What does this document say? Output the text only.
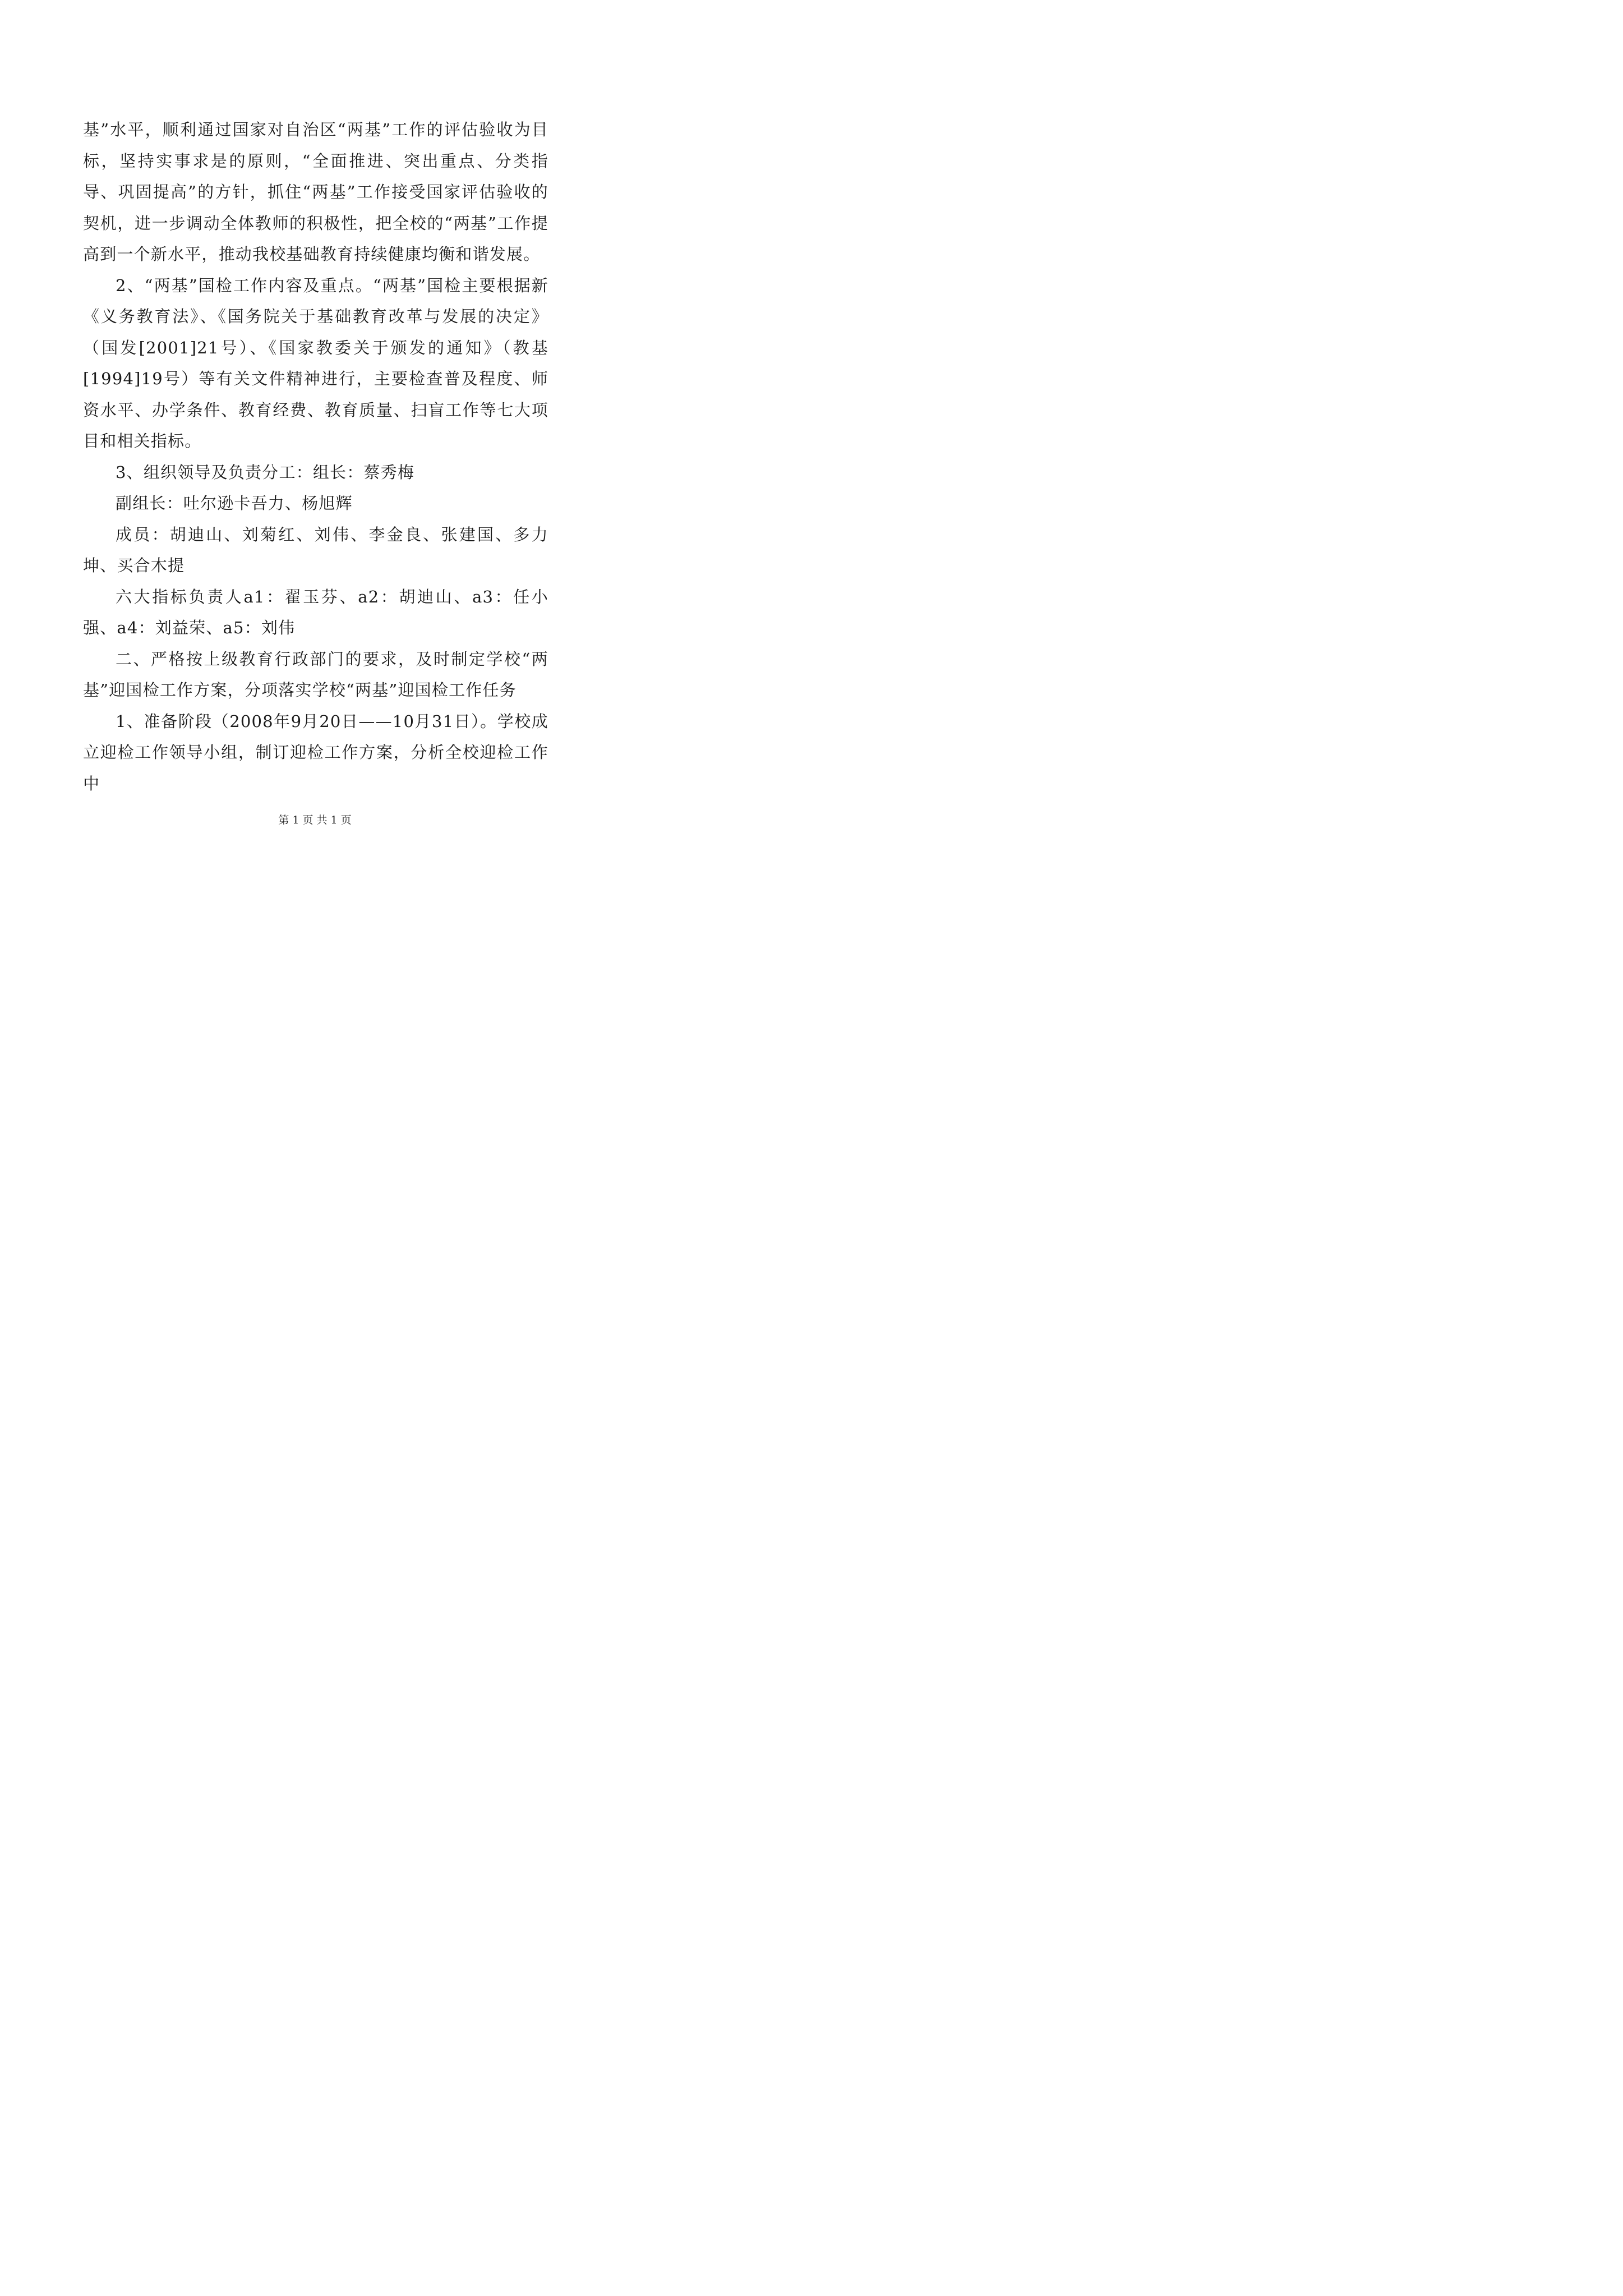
基”水平，顺利通过国家对自治区“两基”工作的评估验收为目标，坚持实事求是的原则，“全面推进、突出重点、分类指导、巩固提高”的方针，抓住“两基”工作接受国家评估验收的契机，进一步调动全体教师的积极性，把全校的“两基”工作提高到一个新水平，推动我校基础教育持续健康均衡和谐发展。

2、“两基”国检工作内容及重点。“两基”国检主要根据新《义务教育法》、《国务院关于基础教育改革与发展的决定》（国发[2001]21号）、《国家教委关于颁发的通知》（教基[1994]19号）等有关文件精神进行，主要检查普及程度、师资水平、办学条件、教育经费、教育质量、扫盲工作等七大项目和相关指标。

3、组织领导及负责分工：组长：蔡秀梅

副组长：吐尔逊卡吾力、杨旭辉

成员：胡迪山、刘菊红、刘伟、李金良、张建国、多力坤、买合木提

六大指标负责人a1：翟玉芬、a2：胡迪山、a3：任小强、a4：刘益荣、a5：刘伟

二、严格按上级教育行政部门的要求，及时制定学校“两基”迎国检工作方案，分项落实学校“两基”迎国检工作任务

1、准备阶段（2008年9月20日——10月31日）。学校成立迎检工作领导小组，制订迎检工作方案，分析全校迎检工作中

第 1 页 共 1 页
